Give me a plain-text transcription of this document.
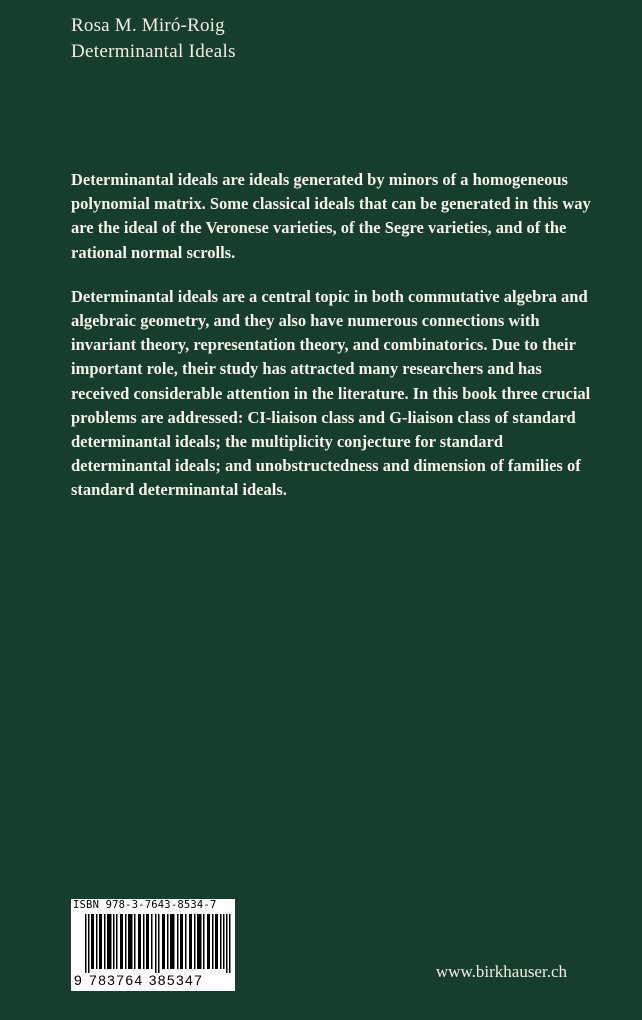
Rosa M. Miró-Roig
Determinantal Ideals

Determinantal ideals are ideals generated by minors of a homogeneous polynomial matrix. Some classical ideals that can be generated in this way are the ideal of the Veronese varieties, of the Segre varieties, and of the rational normal scrolls.

Determinantal ideals are a central topic in both commutative algebra and algebraic geometry, and they also have numerous connections with invariant theory, representation theory, and combinatorics. Due to their important role, their study has attracted many researchers and has received considerable attention in the literature. In this book three crucial problems are addressed: CI-liaison class and G-liaison class of standard determinantal ideals; the multiplicity conjecture for standard determinantal ideals; and unobstructedness and dimension of families of standard determinantal ideals.

ISBN 978-3-7643-8534-7
9 783764 385347	www.birkhauser.ch
